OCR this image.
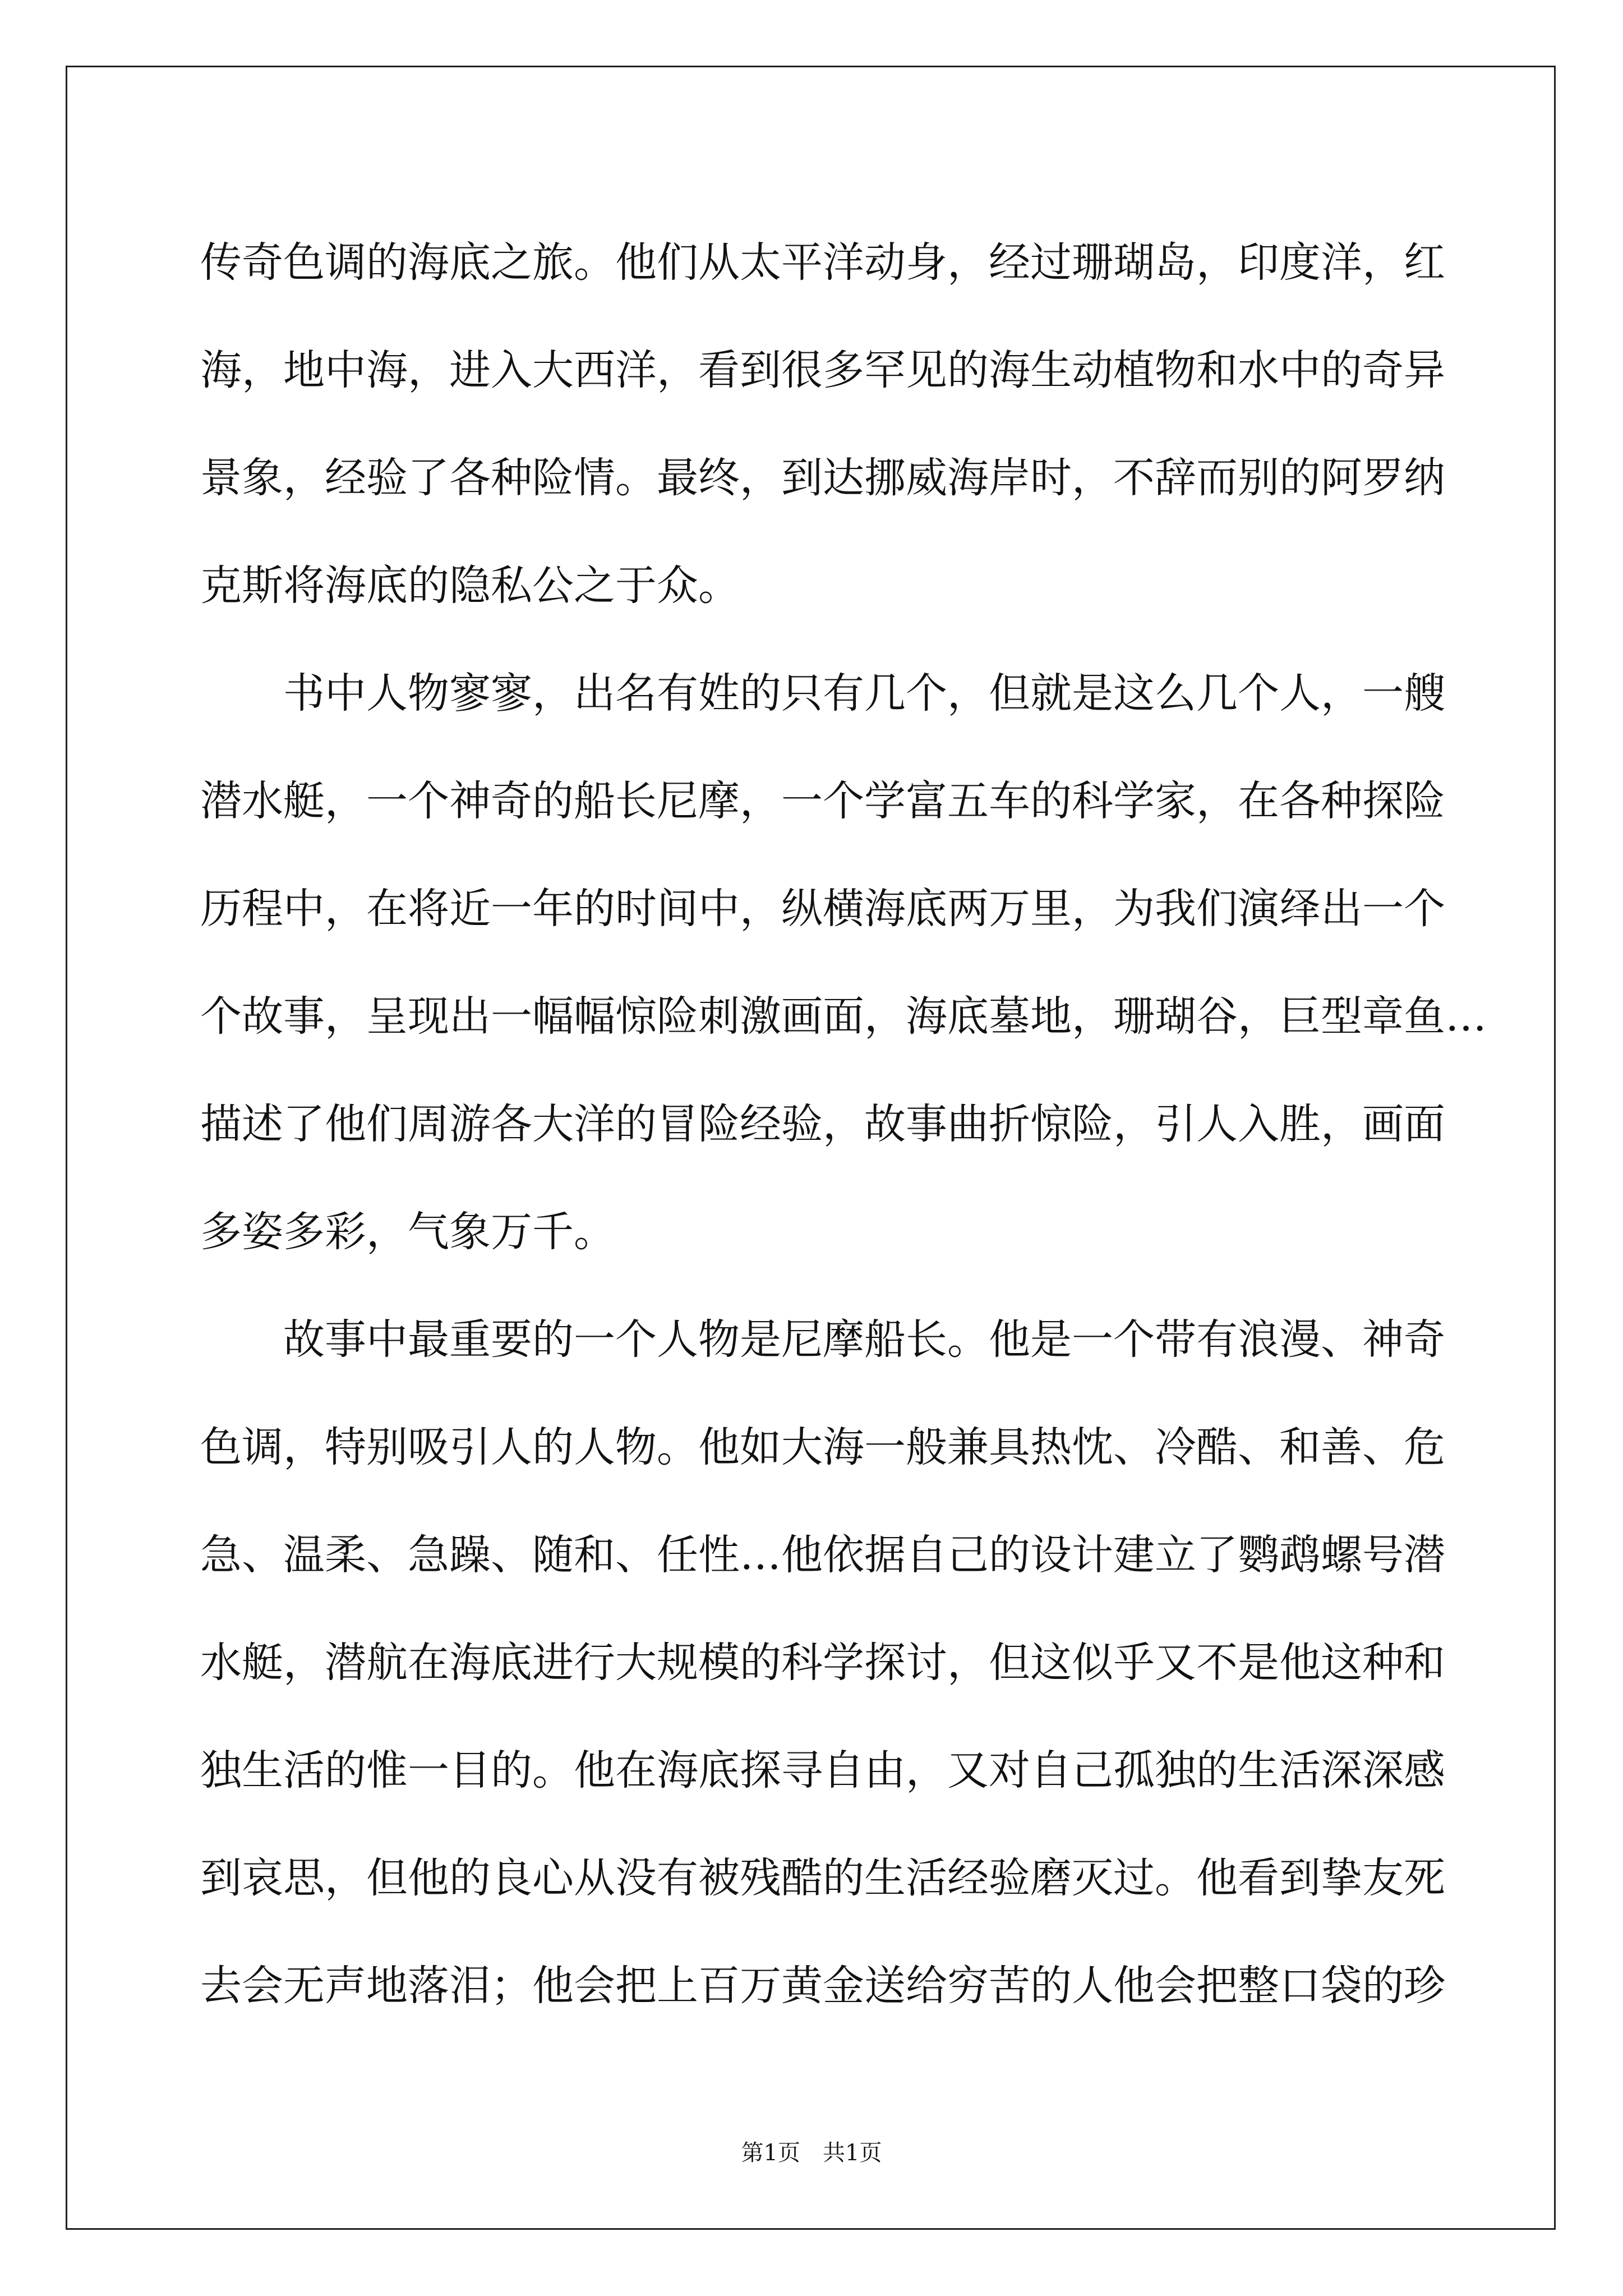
传奇色调的海底之旅。他们从太平洋动身，经过珊瑚岛，印度洋，红
海，地中海，进入大西洋，看到很多罕见的海生动植物和水中的奇异
景象，经验了各种险情。最终，到达挪威海岸时，不辞而别的阿罗纳
克斯将海底的隐私公之于众。
书中人物寥寥，出名有姓的只有几个，但就是这么几个人，一艘
潜水艇，一个神奇的船长尼摩，一个学富五车的科学家，在各种探险
历程中，在将近一年的时间中，纵横海底两万里，为我们演绎出一个
个故事，呈现出一幅幅惊险刺激画面，海底墓地，珊瑚谷，巨型章鱼…
描述了他们周游各大洋的冒险经验，故事曲折惊险，引人入胜，画面
多姿多彩，气象万千。
故事中最重要的一个人物是尼摩船长。他是一个带有浪漫、神奇
色调，特别吸引人的人物。他如大海一般兼具热忱、冷酷、和善、危
急、温柔、急躁、随和、任性…他依据自己的设计建立了鹦鹉螺号潜
水艇，潜航在海底进行大规模的科学探讨，但这似乎又不是他这种和
独生活的惟一目的。他在海底探寻自由，又对自己孤独的生活深深感
到哀思，但他的良心从没有被残酷的生活经验磨灭过。他看到挚友死
去会无声地落泪；他会把上百万黄金送给穷苦的人他会把整口袋的珍
第1页　共1页
